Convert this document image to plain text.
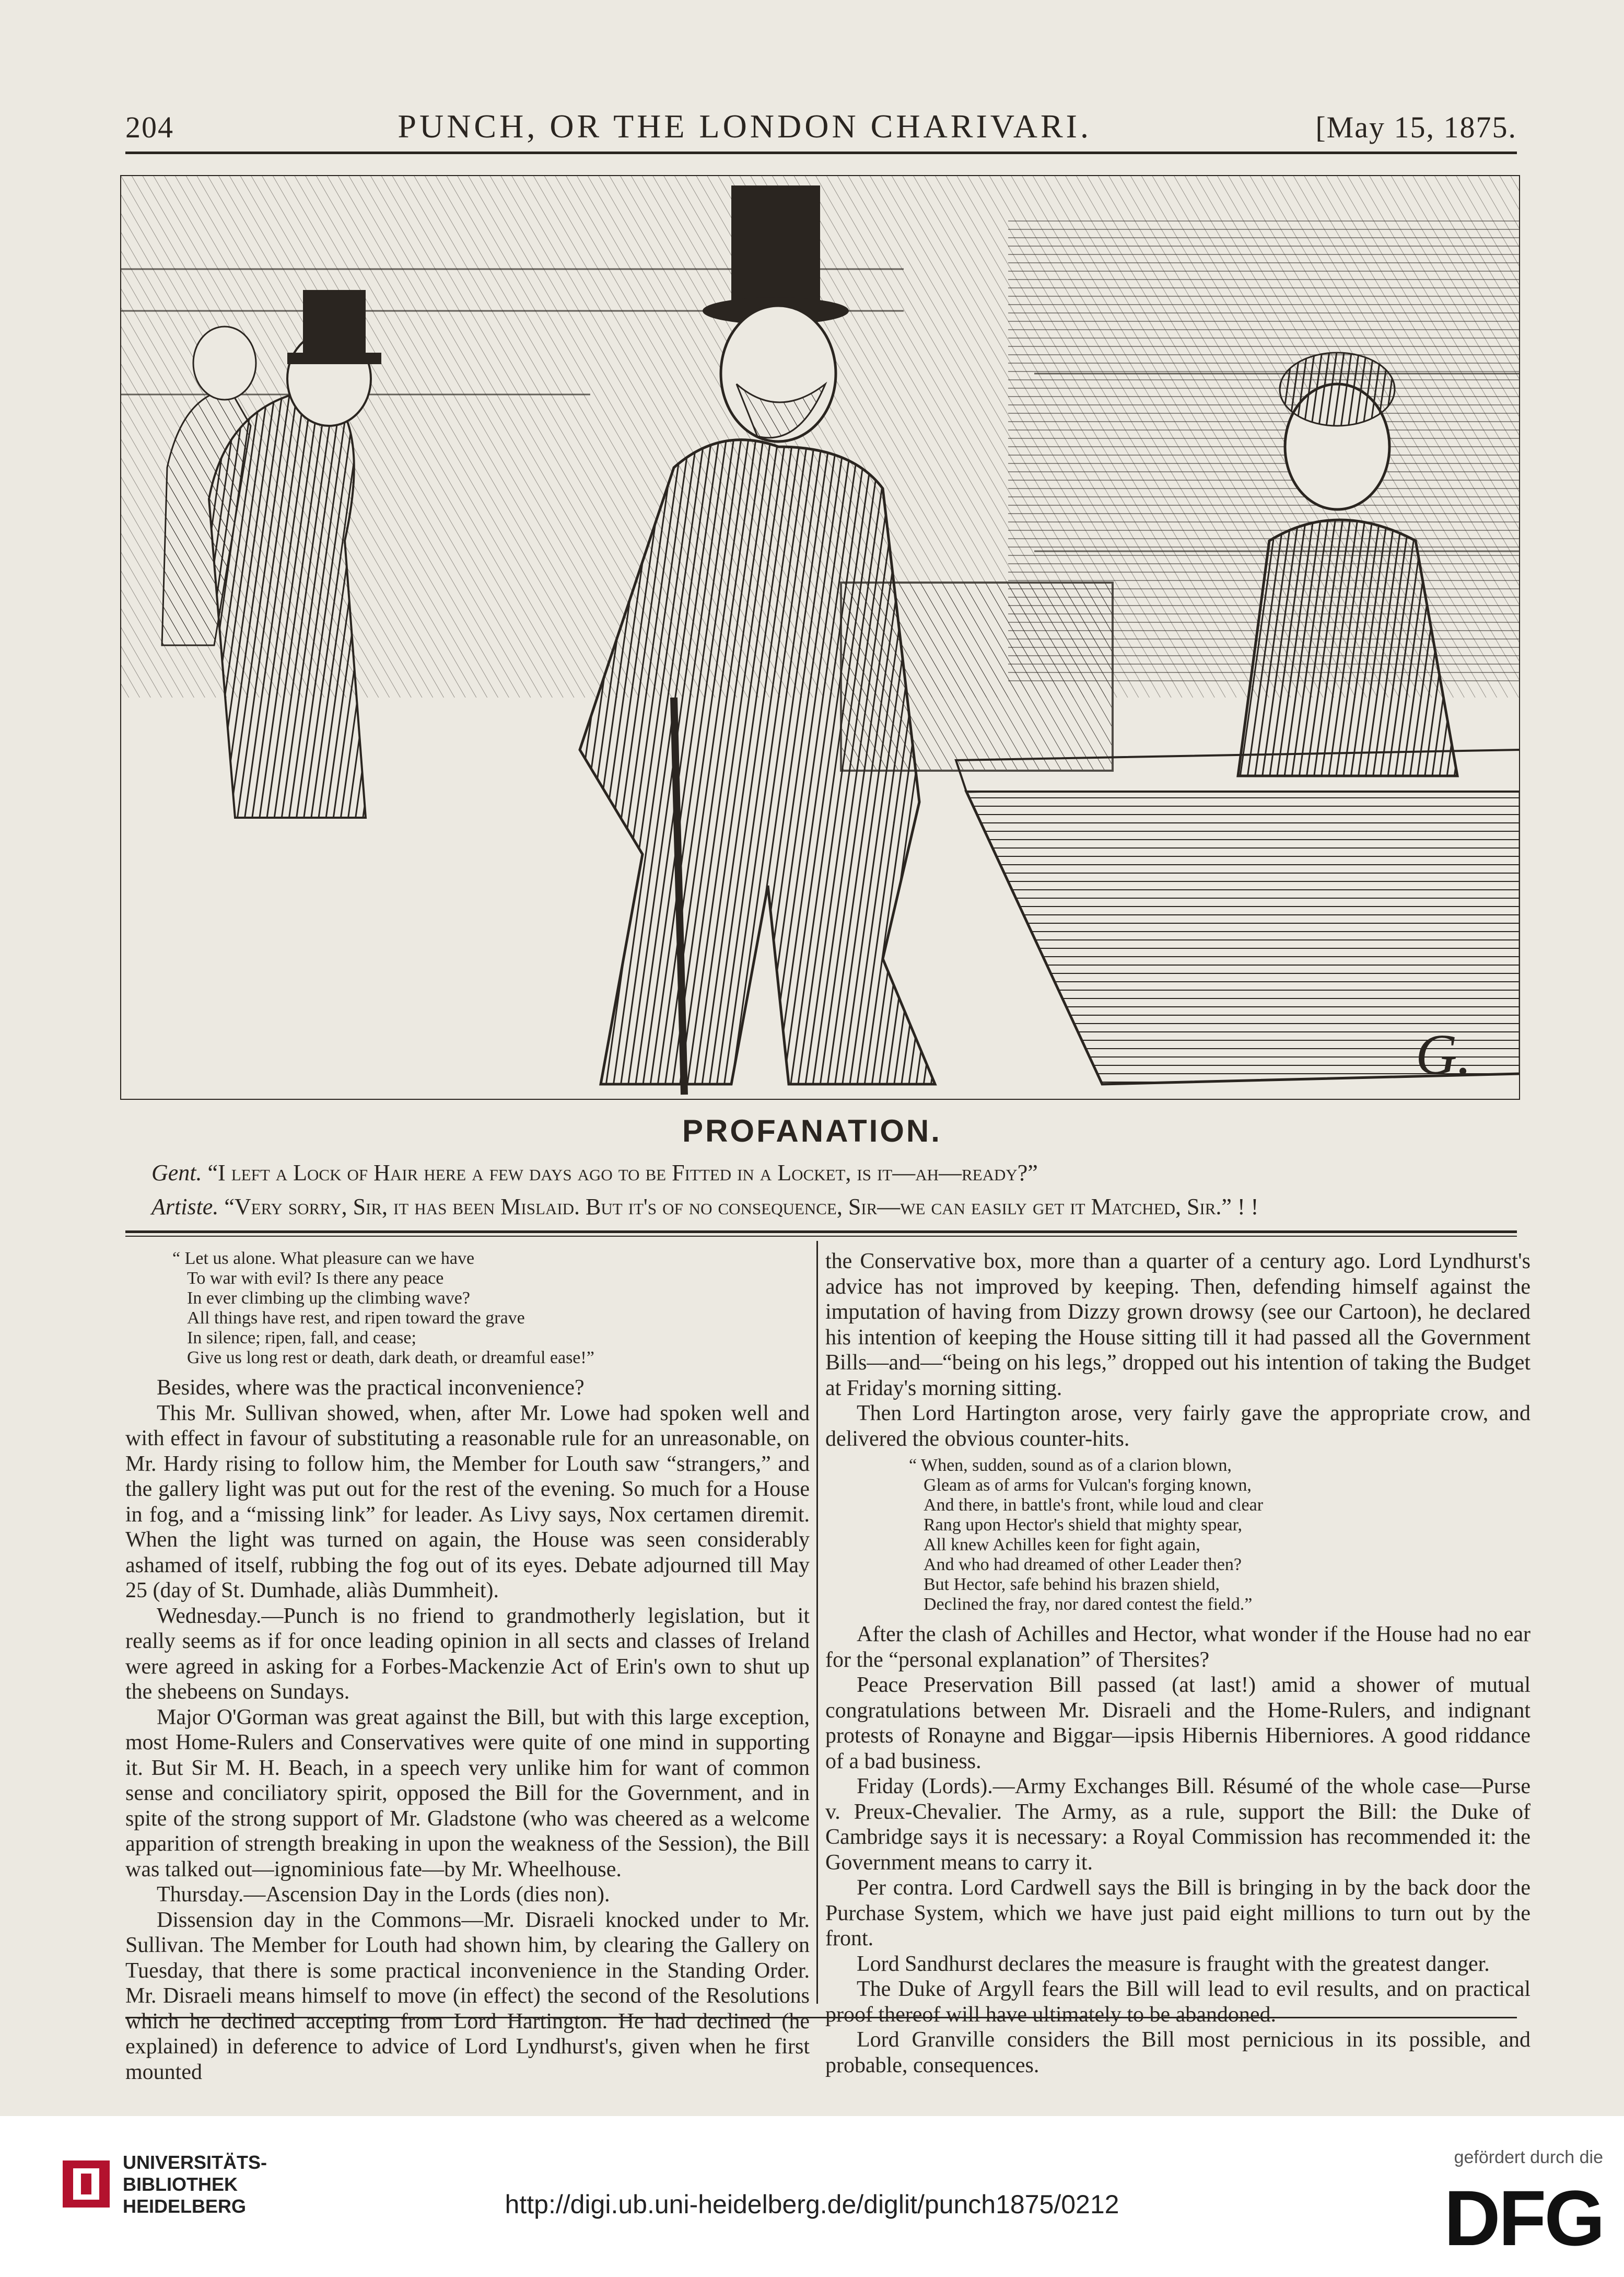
204	PUNCH, OR THE LONDON CHARIVARI.	[May 15, 1875.
G.
PROFANATION.
Gent. “I left a Lock of Hair here a few days ago to be Fitted in a Locket, is it—ah—ready?”
Artiste. “Very sorry, Sir, it has been Mislaid. But it's of no consequence, Sir—we can easily get it Matched, Sir.” ! !
“ Let us alone. What pleasure can we have
To war with evil? Is there any peace
In ever climbing up the climbing wave?
All things have rest, and ripen toward the grave
In silence; ripen, fall, and cease;
Give us long rest or death, dark death, or dreamful ease!”

Besides, where was the practical inconvenience?

This Mr. Sullivan showed, when, after Mr. Lowe had spoken well and with effect in favour of substituting a reasonable rule for an unreasonable, on Mr. Hardy rising to follow him, the Member for Louth saw “strangers,” and the gallery light was put out for the rest of the evening. So much for a House in fog, and a “missing link” for leader. As Livy says, Nox certamen diremit. When the light was turned on again, the House was seen considerably ashamed of itself, rubbing the fog out of its eyes. Debate adjourned till May 25 (day of St. Dumhade, aliàs Dummheit).

Wednesday.—Punch is no friend to grandmotherly legislation, but it really seems as if for once leading opinion in all sects and classes of Ireland were agreed in asking for a Forbes-Mackenzie Act of Erin's own to shut up the shebeens on Sundays.

Major O'Gorman was great against the Bill, but with this large exception, most Home-Rulers and Conservatives were quite of one mind in supporting it. But Sir M. H. Beach, in a speech very unlike him for want of common sense and conciliatory spirit, opposed the Bill for the Government, and in spite of the strong support of Mr. Gladstone (who was cheered as a welcome apparition of strength breaking in upon the weakness of the Session), the Bill was talked out—ignominious fate—by Mr. Wheelhouse.

Thursday.—Ascension Day in the Lords (dies non).

Dissension day in the Commons—Mr. Disraeli knocked under to Mr. Sullivan. The Member for Louth had shown him, by clearing the Gallery on Tuesday, that there is some practical inconvenience in the Standing Order. Mr. Disraeli means himself to move (in effect) the second of the Resolutions which he declined accepting from Lord Hartington. He had declined (he explained) in deference to advice of Lord Lyndhurst's, given when he first mounted

the Conservative box, more than a quarter of a century ago. Lord Lyndhurst's advice has not improved by keeping. Then, defending himself against the imputation of having from Dizzy grown drowsy (see our Cartoon), he declared his intention of keeping the House sitting till it had passed all the Government Bills—and—“being on his legs,” dropped out his intention of taking the Budget at Friday's morning sitting.

Then Lord Hartington arose, very fairly gave the appropriate crow, and delivered the obvious counter-hits.

“ When, sudden, sound as of a clarion blown,
Gleam as of arms for Vulcan's forging known,
And there, in battle's front, while loud and clear
Rang upon Hector's shield that mighty spear,
All knew Achilles keen for fight again,
And who had dreamed of other Leader then?
But Hector, safe behind his brazen shield,
Declined the fray, nor dared contest the field.”

After the clash of Achilles and Hector, what wonder if the House had no ear for the “personal explanation” of Thersites?

Peace Preservation Bill passed (at last!) amid a shower of mutual congratulations between Mr. Disraeli and the Home-Rulers, and indignant protests of Ronayne and Biggar—ipsis Hibernis Hiberniores. A good riddance of a bad business.

Friday (Lords).—Army Exchanges Bill. Résumé of the whole case—Purse v. Preux-Chevalier. The Army, as a rule, support the Bill: the Duke of Cambridge says it is necessary: a Royal Commission has recommended it: the Government means to carry it.

Per contra. Lord Cardwell says the Bill is bringing in by the back door the Purchase System, which we have just paid eight millions to turn out by the front.

Lord Sandhurst declares the measure is fraught with the greatest danger.

The Duke of Argyll fears the Bill will lead to evil results, and on practical proof thereof will have ultimately to be abandoned.

Lord Granville considers the Bill most pernicious in its possible, and probable, consequences.

UNIVERSITÄTS-
BIBLIOTHEK
HEIDELBERG	http://digi.ub.uni-heidelberg.de/diglit/punch1875/0212
gefördert durch die
DFG
